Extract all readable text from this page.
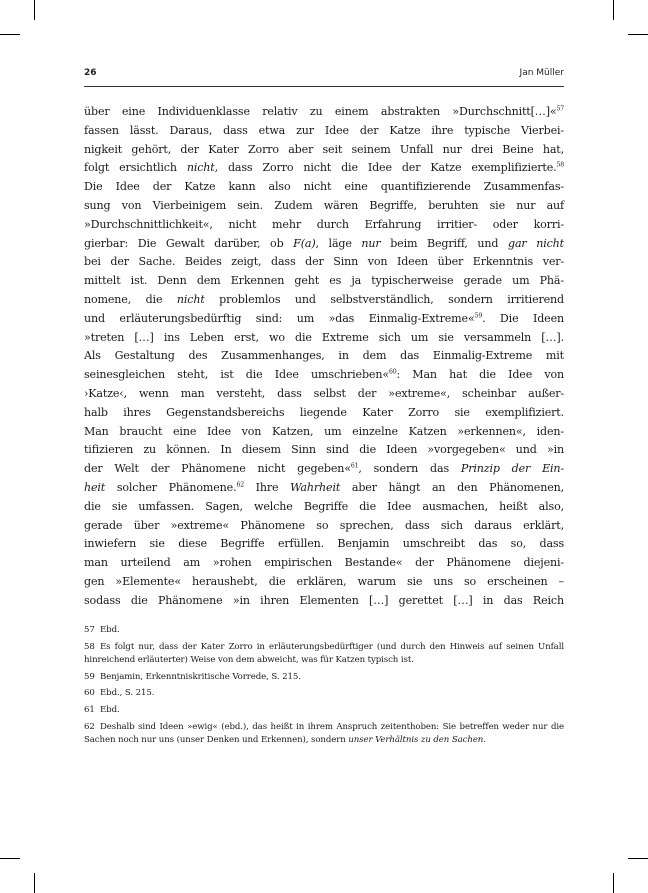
26	Jan Müller
über eine Individuenklasse relativ zu einem abstrakten »Durchschnitt[…]«$^{57}$
fassen lässt. Daraus, dass etwa zur Idee der Katze ihre typische Vierbei-
nigkeit gehört, der Kater Zorro aber seit seinem Unfall nur drei Beine hat,
folgt ersichtlich nicht, dass Zorro nicht die Idee der Katze exemplifizierte.$^{58}$
Die Idee der Katze kann also nicht eine quantifizierende Zusammenfas-
sung von Vierbeinigem sein. Zudem wären Begriffe, beruhten sie nur auf
»Durchschnittlichkeit«, nicht mehr durch Erfahrung irritier- oder korri-
gierbar: Die Gewalt darüber, ob F(a), läge nur beim Begriff, und gar nicht
bei der Sache. Beides zeigt, dass der Sinn von Ideen über Erkenntnis ver-
mittelt ist. Denn dem Erkennen geht es ja typischerweise gerade um Phä-
nomene, die nicht problemlos und selbstverständlich, sondern irritierend
und erläuterungsbedürftig sind: um »das Einmalig-Extreme«$^{59}$. Die Ideen
»treten […] ins Leben erst, wo die Extreme sich um sie versammeln […].
Als Gestaltung des Zusammenhanges, in dem das Einmalig-Extreme mit
seinesgleichen steht, ist die Idee umschrieben«$^{60}$: Man hat die Idee von
›Katze‹, wenn man versteht, dass selbst der »extreme«, scheinbar außer-
halb ihres Gegenstandsbereichs liegende Kater Zorro sie exemplifiziert.
Man braucht eine Idee von Katzen, um einzelne Katzen »erkennen«, iden-
tifizieren zu können. In diesem Sinn sind die Ideen »vorgegeben« und »in
der Welt der Phänomene nicht gegeben«$^{61}$, sondern das Prinzip der Ein-
heit solcher Phänomene.$^{62}$ Ihre Wahrheit aber hängt an den Phänomenen,
die sie umfassen. Sagen, welche Begriffe die Idee ausmachen, heißt also,
gerade über »extreme« Phänomene so sprechen, dass sich daraus erklärt,
inwiefern sie diese Begriffe erfüllen. Benjamin umschreibt das so, dass
man urteilend am »rohen empirischen Bestande« der Phänomene diejeni-
gen »Elemente« heraushebt, die erklären, warum sie uns so erscheinen –
sodass die Phänomene »in ihren Elementen […] gerettet […] in das Reich

57 Ebd.

58 Es folgt nur, dass der Kater Zorro in erläuterungsbedürftiger (und durch den Hinweis auf seinen Unfall hinreichend erläuterter) Weise von dem abweicht, was für Katzen typisch ist.

59 Benjamin, Erkenntniskritische Vorrede, S. 215.

60 Ebd., S. 215.

61 Ebd.

62 Deshalb sind Ideen »ewig« (ebd.), das heißt in ihrem Anspruch zeitenthoben: Sie betreffen weder nur die Sachen noch nur uns (unser Denken und Erkennen), sondern unser Verhältnis zu den Sachen.
